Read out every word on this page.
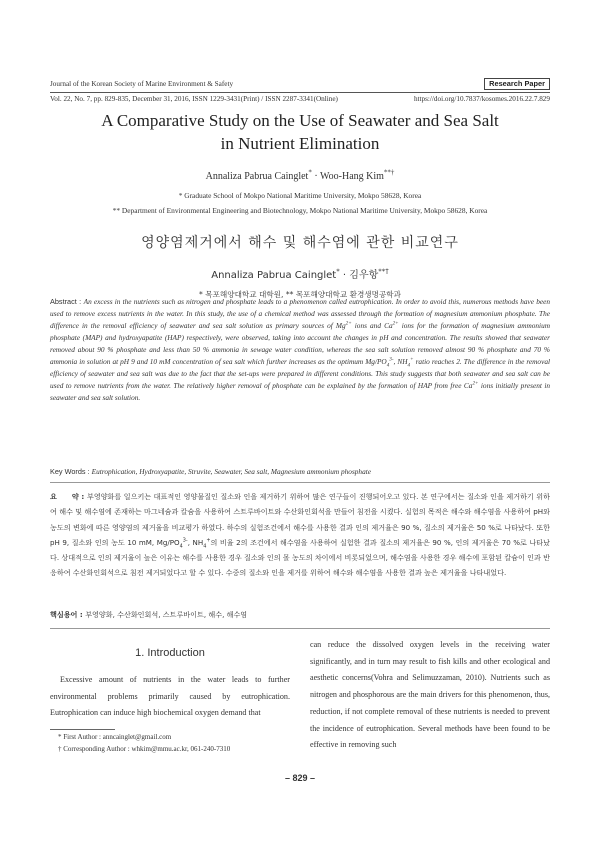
Journal of the Korean Society of Marine Environment & Safety	Research Paper
Vol. 22, No. 7, pp. 829-835, December 31, 2016, ISSN 1229-3431(Print) / ISSN 2287-3341(Online)	https://doi.org/10.7837/kosomes.2016.22.7.829
A Comparative Study on the Use of Seawater and Sea Salt
in Nutrient Elimination
Annaliza Pabrua Cainglet* · Woo-Hang Kim**†
* Graduate School of Mokpo National Maritime University, Mokpo 58628, Korea
** Department of Environmental Engineering and Biotechnology, Mokpo National Maritime University, Mokpo 58628, Korea
영양염제거에서 해수 및 해수염에 관한 비교연구
Annaliza Pabrua Cainglet* · 김우항**†
* 목포해양대학교 대학원, ** 목포해양대학교 환경생명공학과
Abstract : An excess in the nutrients such as nitrogen and phosphate leads to a phenomenon called eutrophication. In order to avoid this, numerous methods have been used to remove excess nutrients in the water. In this study, the use of a chemical method was assessed through the formation of magnesium ammonium phosphate. The difference in the removal efficiency of seawater and sea salt solution as primary sources of $Mg^{2+}$ ions and $Ca^{2+}$ ions for the formation of magnesium ammonium phosphate (MAP) and hydroxyapatite (HAP) respectively, were observed, taking into account the changes in pH and concentration. The results showed that seawater removed about 90 % phosphate and less than 50 % ammonia in sewage water condition, whereas the sea salt solution removed almost 90 % phosphate and 70 % ammonia in solution at pH 9 and 10 mM concentration of sea salt which further increases as the optimum $Mg/PO_4^{3-}$, $NH_4^+$ ratio reaches 2. The difference in the removal efficiency of seawater and sea salt was due to the fact that the set-ups were prepared in different conditions. This study suggests that both seawater and sea salt can be used to remove nutrients from the water. The relatively higher removal of phosphate can be explained by the formation of HAP from free $Ca^{2+}$ ions initially present in seawater and sea salt solution.
Key Words : Eutrophication, Hydroxyapatite, Struvite, Seawater, Sea salt, Magnesium ammonium phosphate
요　　약 : 부영양화를 일으키는 대표적인 영양물질인 질소와 인을 제거하기 위하여 많은 연구들이 진행되어오고 있다. 본 연구에서는 질소와 인을 제거하기 위하여 해수 및 해수염에 존재하는 마그네슘과 칼슘을 사용하여 스트루바이트와 수산화인회석을 만들어 침전을 시켰다. 실험의 목적은 해수와 해수염을 사용하여 pH와 농도의 변화에 따른 영양염의 제거율을 비교평가 하였다. 하수의 실험조건에서 해수를 사용한 결과 인의 제거율은 90 %, 질소의 제거율은 50 %로 나타났다. 또한 pH 9, 질소와 인의 농도 10 mM, $Mg/PO_4^{3-}$, $NH_4^+$의 비율 2의 조건에서 해수염을 사용하여 실험한 결과 질소의 제거율은 90 %, 인의 제거율은 70 %로 나타났다. 상대적으로 인의 제거율이 높은 이유는 해수를 사용한 경우 질소와 인의 몰 농도의 차이에서 비롯되었으며, 해수염을 사용한 경우 해수에 포함된 칼슘이 인과 반응하여 수산화인회석으로 침전 제거되었다고 할 수 있다. 수중의 질소와 인을 제거를 위하여 해수와 해수염을 사용한 결과 높은 제거율을 나타내었다.
핵심용어 : 부영양화, 수산화인회석, 스트루바이트, 해수, 해수염
1. Introduction

Excessive amount of nutrients in the water leads to further environmental problems primarily caused by eutrophication. Eutrophication can induce high biochemical oxygen demand that

can reduce the dissolved oxygen levels in the receiving water significantly, and in turn may result to fish kills and other ecological and aesthetic concerns(Vohra and Selimuzzaman, 2010). Nutrients such as nitrogen and phosphorous are the main drivers for this phenomenon, thus, reduction, if not complete removal of these nutrients is needed to prevent the incidence of eutrophication. Several methods have been found to be effective in removing such

* First Author : anncainglet@gmail.com
† Corresponding Author : whkim@mmu.ac.kr, 061-240-7310
– 829 –
